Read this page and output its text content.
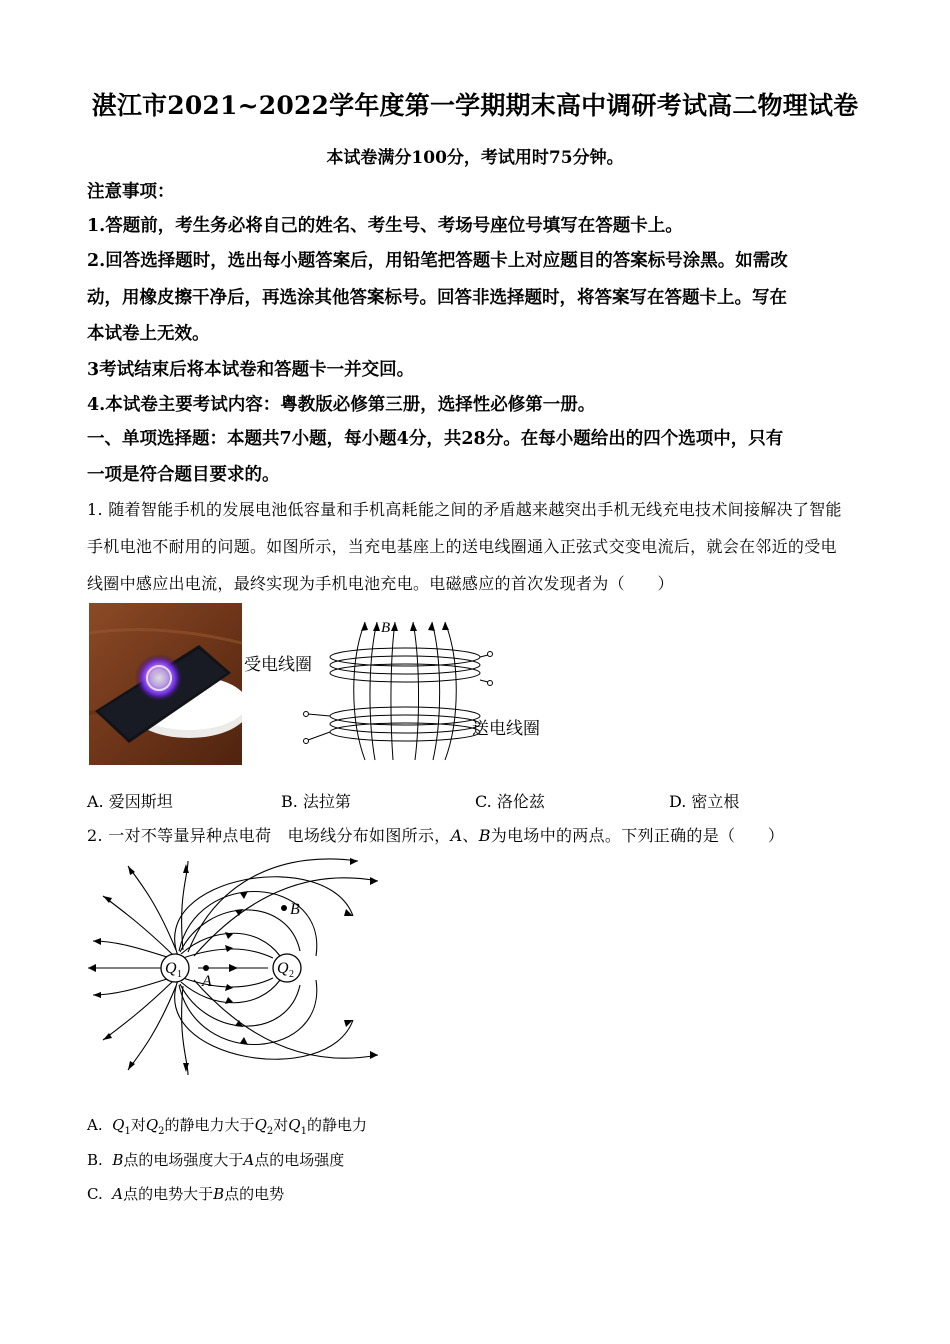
湛江市2021~2022学年度第一学期期末高中调研考试高二物理试卷
本试卷满分100分，考试用时75分钟。
注意事项：
1.答题前，考生务必将自己的姓名、考生号、考场号座位号填写在答题卡上。
2.回答选择题时，选出每小题答案后，用铅笔把答题卡上对应题目的答案标号涂黑。如需改
动，用橡皮擦干净后，再选涂其他答案标号。回答非选择题时，将答案写在答题卡上。写在
本试卷上无效。
3考试结束后将本试卷和答题卡一并交回。
4.本试卷主要考试内容：粤教版必修第三册，选择性必修第一册。
一、单项选择题：本题共7小题，每小题4分，共28分。在每小题给出的四个选项中，只有
一项是符合题目要求的。
1. 随着智能手机的发展电池低容量和手机高耗能之间的矛盾越来越突出手机无线充电技术间接解决了智能
手机电池不耐用的问题。如图所示，当充电基座上的送电线圈通入正弦式交变电流后，就会在邻近的受电
线圈中感应出电流，最终实现为手机电池充电。电磁感应的首次发现者为（　　）
B
受电线圈
送电线圈
A. 爱因斯坦	B. 法拉第	C. 洛伦兹	D. 密立根
2. 一对不等量异种点电荷　电场线分布如图所示，A、B为电场中的两点。下列正确的是（　　）
Q 1	Q 2
A
B
A. $Q_1$对$Q_2$的静电力大于$Q_2$对$Q_1$的静电力
B. B点的电场强度大于A点的电场强度
C. A点的电势大于B点的电势
